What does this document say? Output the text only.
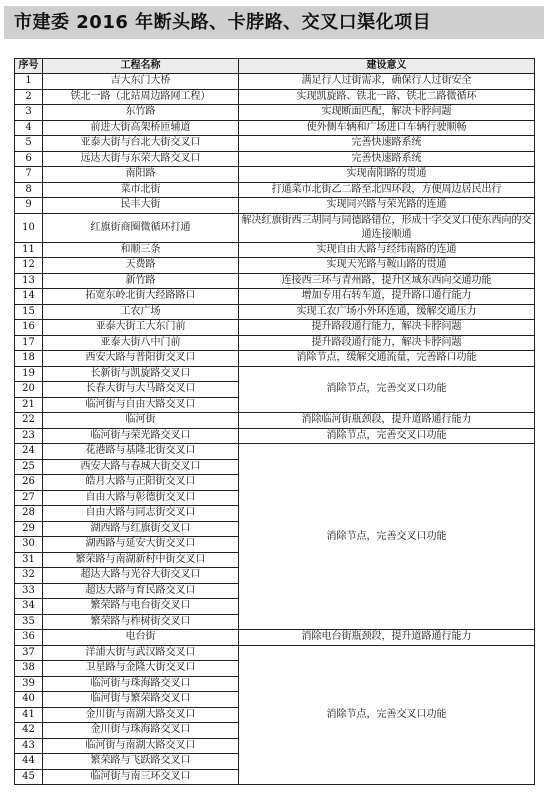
市建委 2016 年断头路、卡脖路、交叉口渠化项目
序号	工程名称	建设意义
1	吉大东门大桥	满足行人过街需求，确保行人过街安全
2	铁北一路（北站周边路网工程）	实现凯旋路、铁北一路、铁北二路微循环
3	东竹路	实现断面匹配，解决卡脖问题
4	前进大街高架桥匝辅道	使外侧车辆和广场进口车辆行驶顺畅
5	亚泰大街与台北大街交叉口	完善快速路系统
6	远达大街与东荣大路交叉口	完善快速路系统
7	南阳路	实现南阳路的贯通
8	菜市北街	打通菜市北街乙二路至北四环段，方便周边居民出行
9	民丰大街	实现同兴路与荣光路的连通
10	红旗街商圈微循环打通	解决红旗街西三胡同与同德路错位，形成十字交叉口使东西向的交通连接顺通
11	和顺三条	实现自由大路与经纬南路的连通
12	天费路	实现天光路与鞍山路的贯通
13	新竹路	连接西三环与青州路，提升区域东西向交通功能
14	拓宽东岭北街大经路路口	增加专用右转车道，提升路口通行能力
15	工农广场	实现工农广场小外环连通，缓解交通压力
16	亚泰大街工大东门前	提升路段通行能力，解决卡脖问题
17	亚泰大街八中门前	提升路段通行能力，解决卡脖问题
18	西安大路与普阳街交叉口	消除节点，缓解交通流量，完善路口功能
19	长新街与凯旋路交叉口	消除节点，完善交叉口功能
20	长春大街与大马路交叉口	
21	临河街与自由大路交叉口	
22	临河街	消除临河街瓶颈段，提升道路通行能力
23	临河街与荣光路交叉口	消除节点，完善交叉口功能
24	花港路与基隆北街交叉口	消除节点，完善交叉口功能
25	西安大路与春城大街交叉口	
26	皓月大路与正阳街交叉口	
27	自由大路与彰德街交叉口	
28	自由大路与同志街交叉口	
29	湖西路与红旗街交叉口	
30	湖西路与延安大街交叉口	
31	繁荣路与南湖新村中街交叉口	
32	超达大路与光谷大街交叉口	
33	超达大路与育民路交叉口	
34	繁荣路与电台街交叉口	
35	繁荣路与柞树街交叉口	
36	电台街	消除电台街瓶颈段，提升道路通行能力
37	洋浦大街与武汉路交叉口	消除节点，完善交叉口功能
38	卫星路与金隆大街交叉口	
39	临河街与珠海路交叉口	
40	临河街与繁荣路交叉口	
41	金川街与南湖大路交叉口	
42	金川街与珠海路交叉口	
43	临河街与南湖大路交叉口	
44	繁荣路与飞跃路交叉口	
45	临河街与南三环交叉口	
